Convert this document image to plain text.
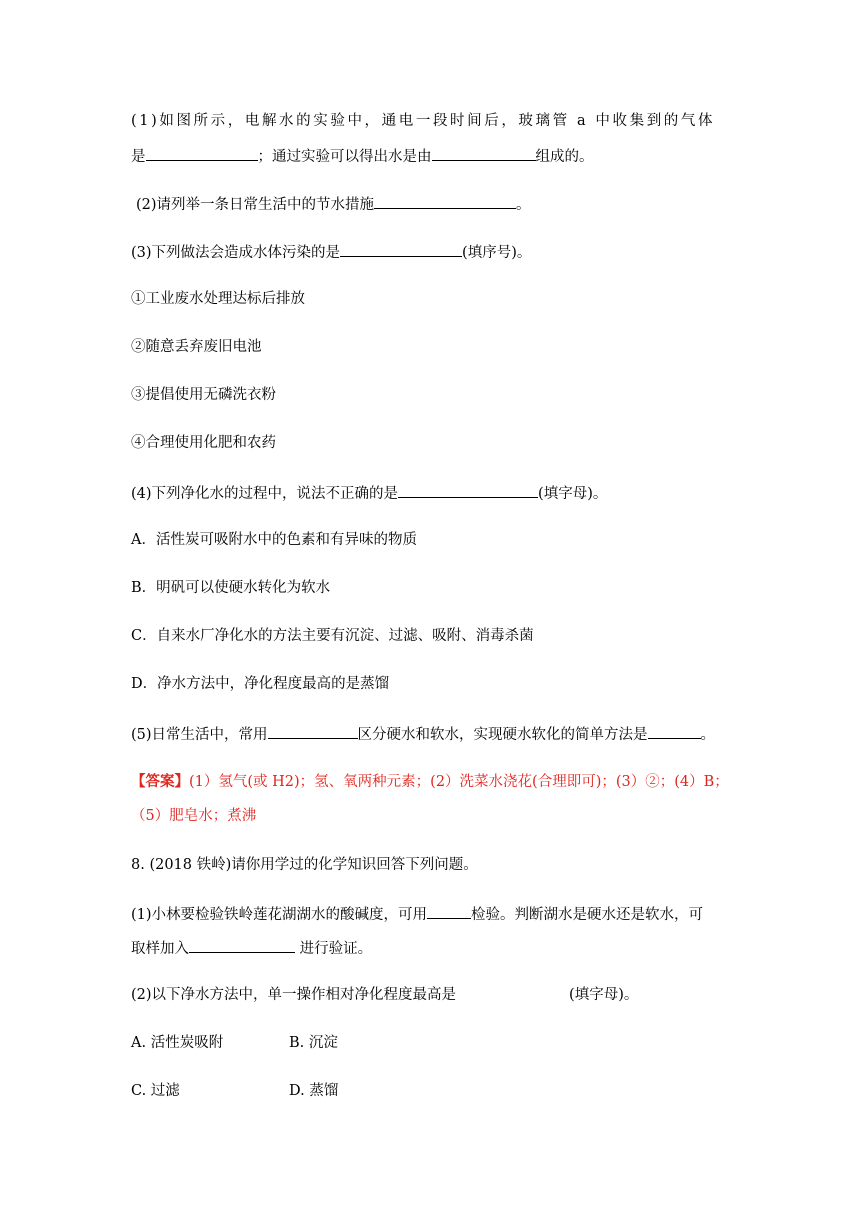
(1)如图所示，电解水的实验中，通电一段时间后，玻璃管 a 中收集到的气体
是	；通过实验可以得出水是由	组成的。
(2)请列举一条日常生活中的节水措施	。
(3)下列做法会造成水体污染的是	(填序号)。
①工业废水处理达标后排放
②随意丢弃废旧电池
③提倡使用无磷洗衣粉
④合理使用化肥和农药
(4)下列净化水的过程中，说法不正确的是	(填字母)。
A．活性炭可吸附水中的色素和有异味的物质
B．明矾可以使硬水转化为软水
C．自来水厂净化水的方法主要有沉淀、过滤、吸附、消毒杀菌
D．净水方法中，净化程度最高的是蒸馏
(5)日常生活中，常用	区分硬水和软水，实现硬水软化的简单方法是	。
【答案】(1）氢气(或 H2)；氢、氧两种元素；(2）洗菜水浇花(合理即可)；(3）②；(4）B；
（5）肥皂水；煮沸
8. (2018 铁岭)请你用学过的化学知识回答下列问题。
(1)小林要检验铁岭莲花湖湖水的酸碱度，可用	检验。判断湖水是硬水还是软水，可
取样加入	进行验证。
(2)以下净水方法中，单一操作相对净化程度最高是	(填字母)。
A. 活性炭吸附	B. 沉淀
C. 过滤	D. 蒸馏
